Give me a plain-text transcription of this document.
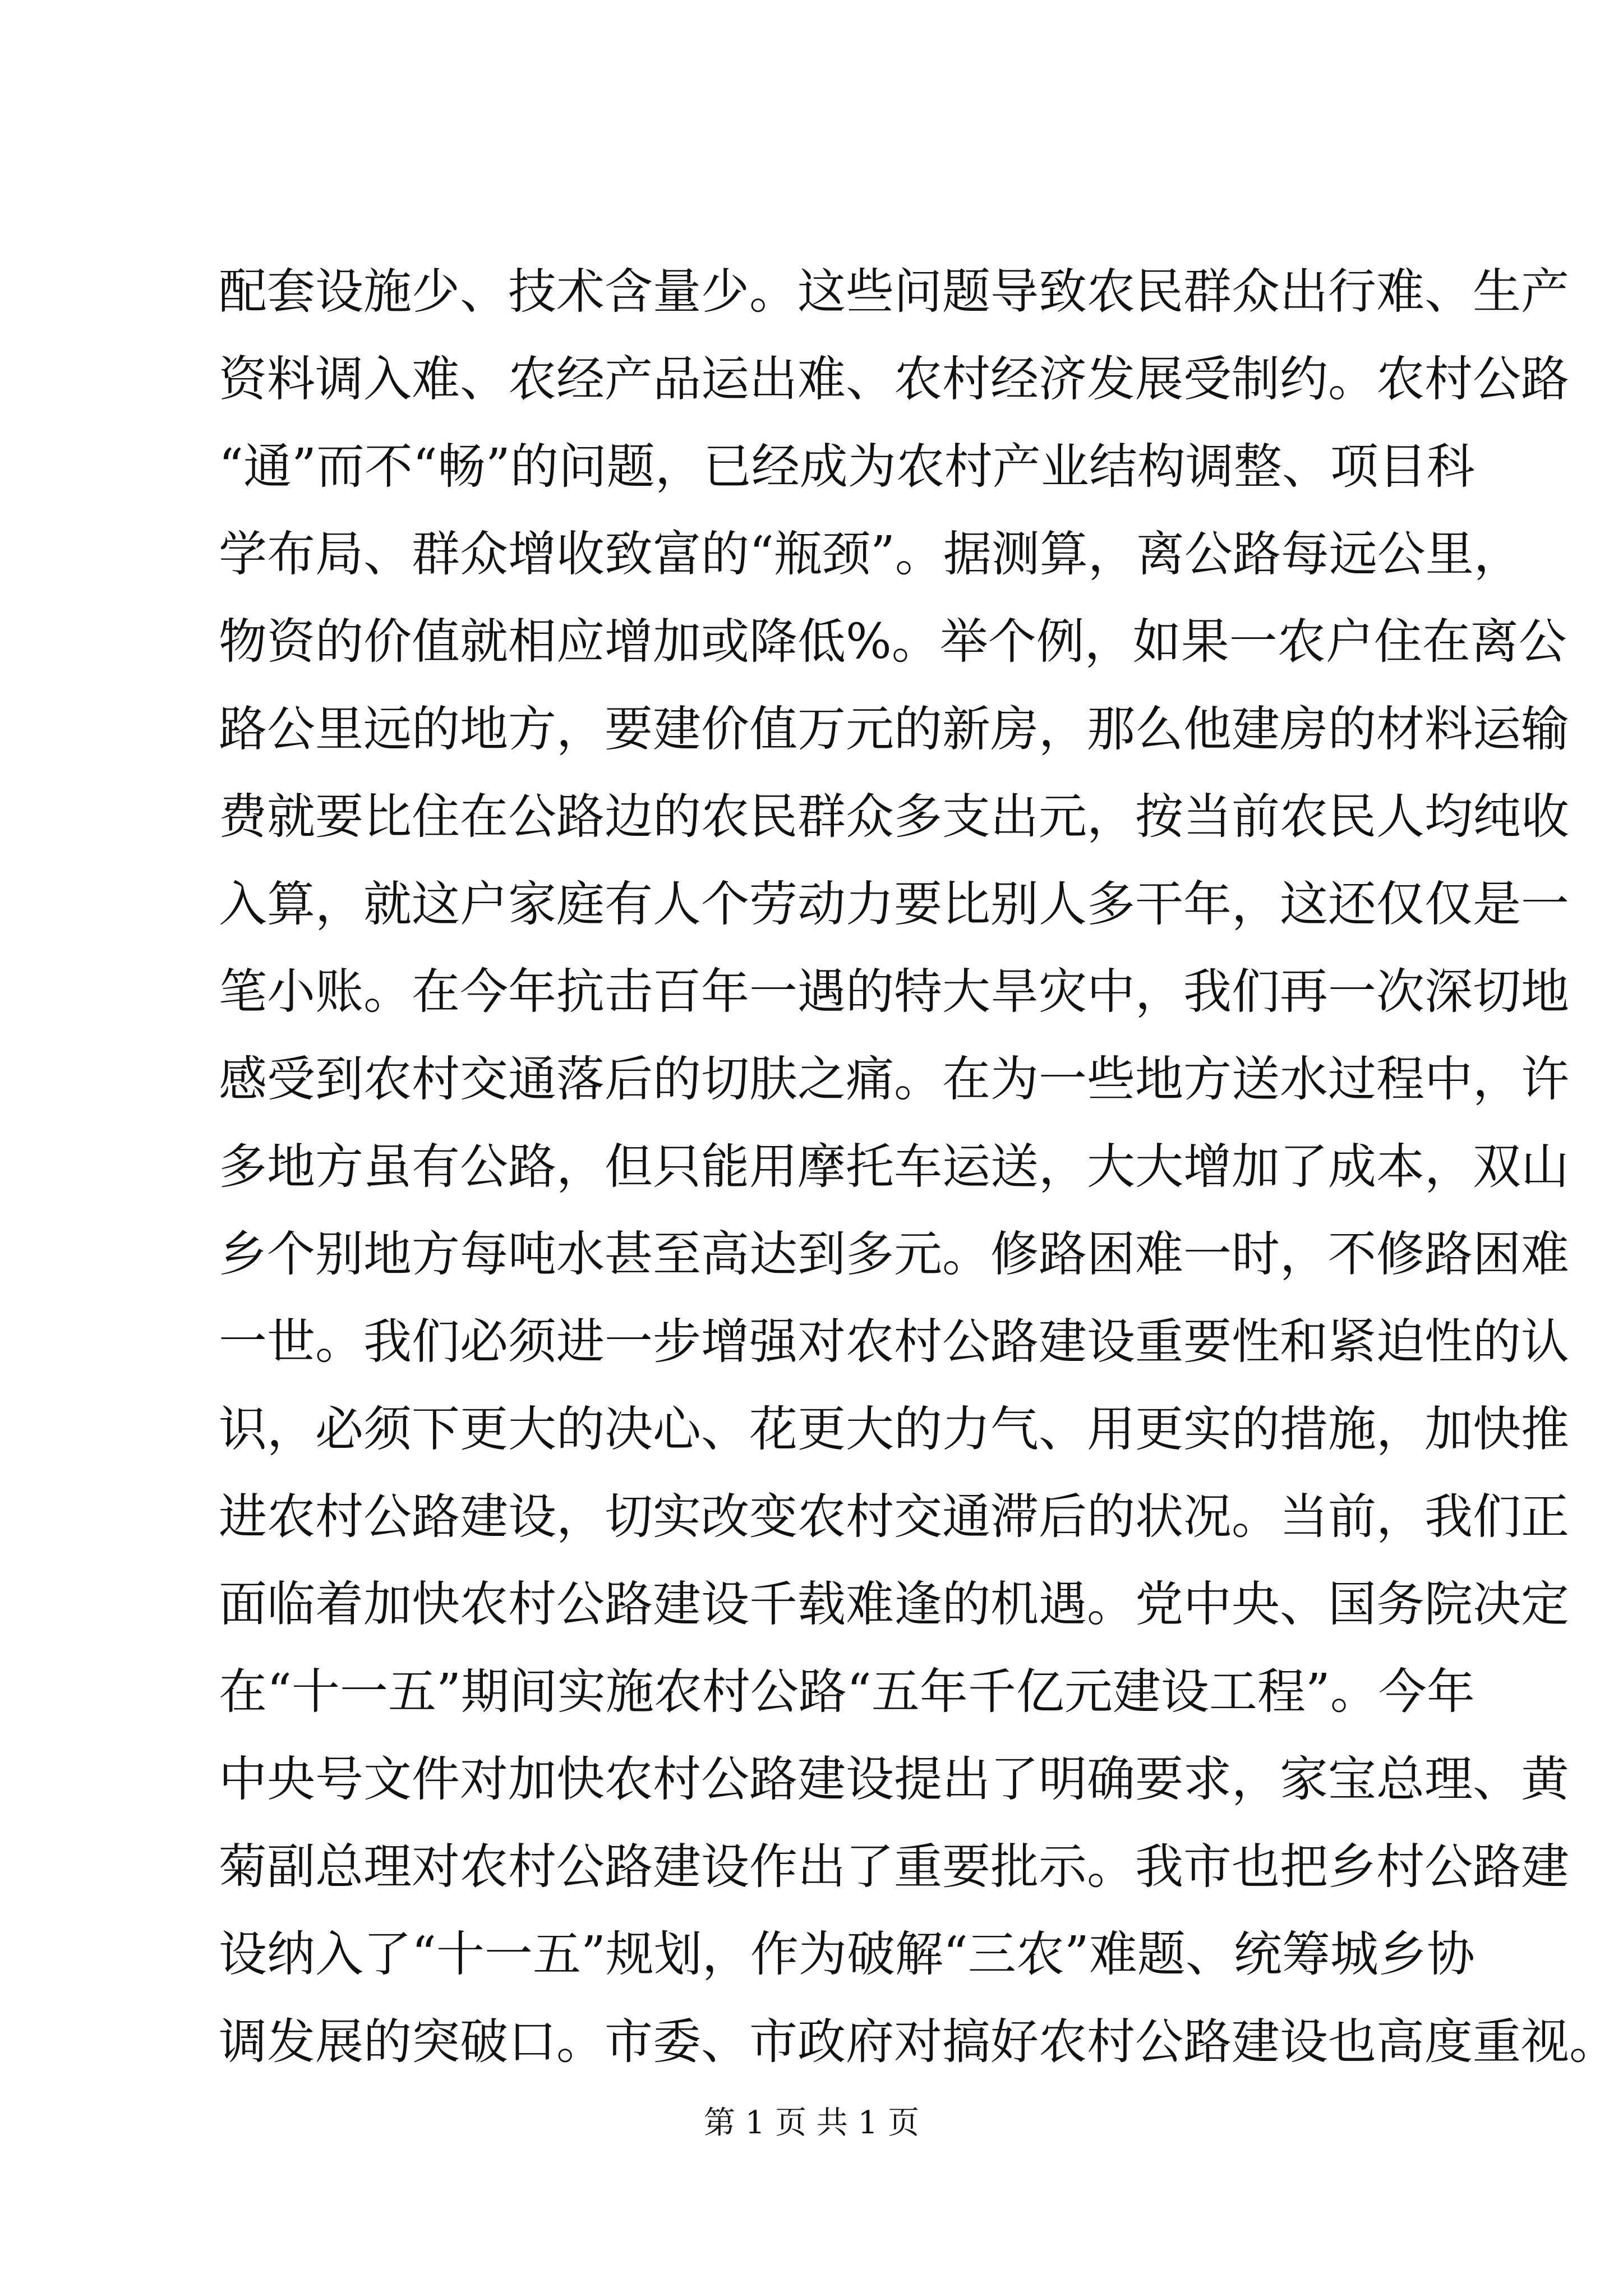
配套设施少、技术含量少。这些问题导致农民群众出行难、生产
资料调入难、农经产品运出难、农村经济发展受制约。农村公路
“通”而不“畅”的问题，已经成为农村产业结构调整、项目科
学布局、群众增收致富的“瓶颈”。据测算，离公路每远公里，
物资的价值就相应增加或降低%。举个例，如果一农户住在离公
路公里远的地方，要建价值万元的新房，那么他建房的材料运输
费就要比住在公路边的农民群众多支出元，按当前农民人均纯收
入算，就这户家庭有人个劳动力要比别人多干年，这还仅仅是一
笔小账。在今年抗击百年一遇的特大旱灾中，我们再一次深切地
感受到农村交通落后的切肤之痛。在为一些地方送水过程中，许
多地方虽有公路，但只能用摩托车运送，大大增加了成本，双山
乡个别地方每吨水甚至高达到多元。修路困难一时，不修路困难
一世。我们必须进一步增强对农村公路建设重要性和紧迫性的认
识，必须下更大的决心、花更大的力气、用更实的措施，加快推
进农村公路建设，切实改变农村交通滞后的状况。当前，我们正
面临着加快农村公路建设千载难逢的机遇。党中央、国务院决定
在“十一五”期间实施农村公路“五年千亿元建设工程”。今年
中央号文件对加快农村公路建设提出了明确要求，家宝总理、黄
菊副总理对农村公路建设作出了重要批示。我市也把乡村公路建
设纳入了“十一五”规划，作为破解“三农”难题、统筹城乡协
调发展的突破口。市委、市政府对搞好农村公路建设也高度重视。
第 1 页 共 1 页
